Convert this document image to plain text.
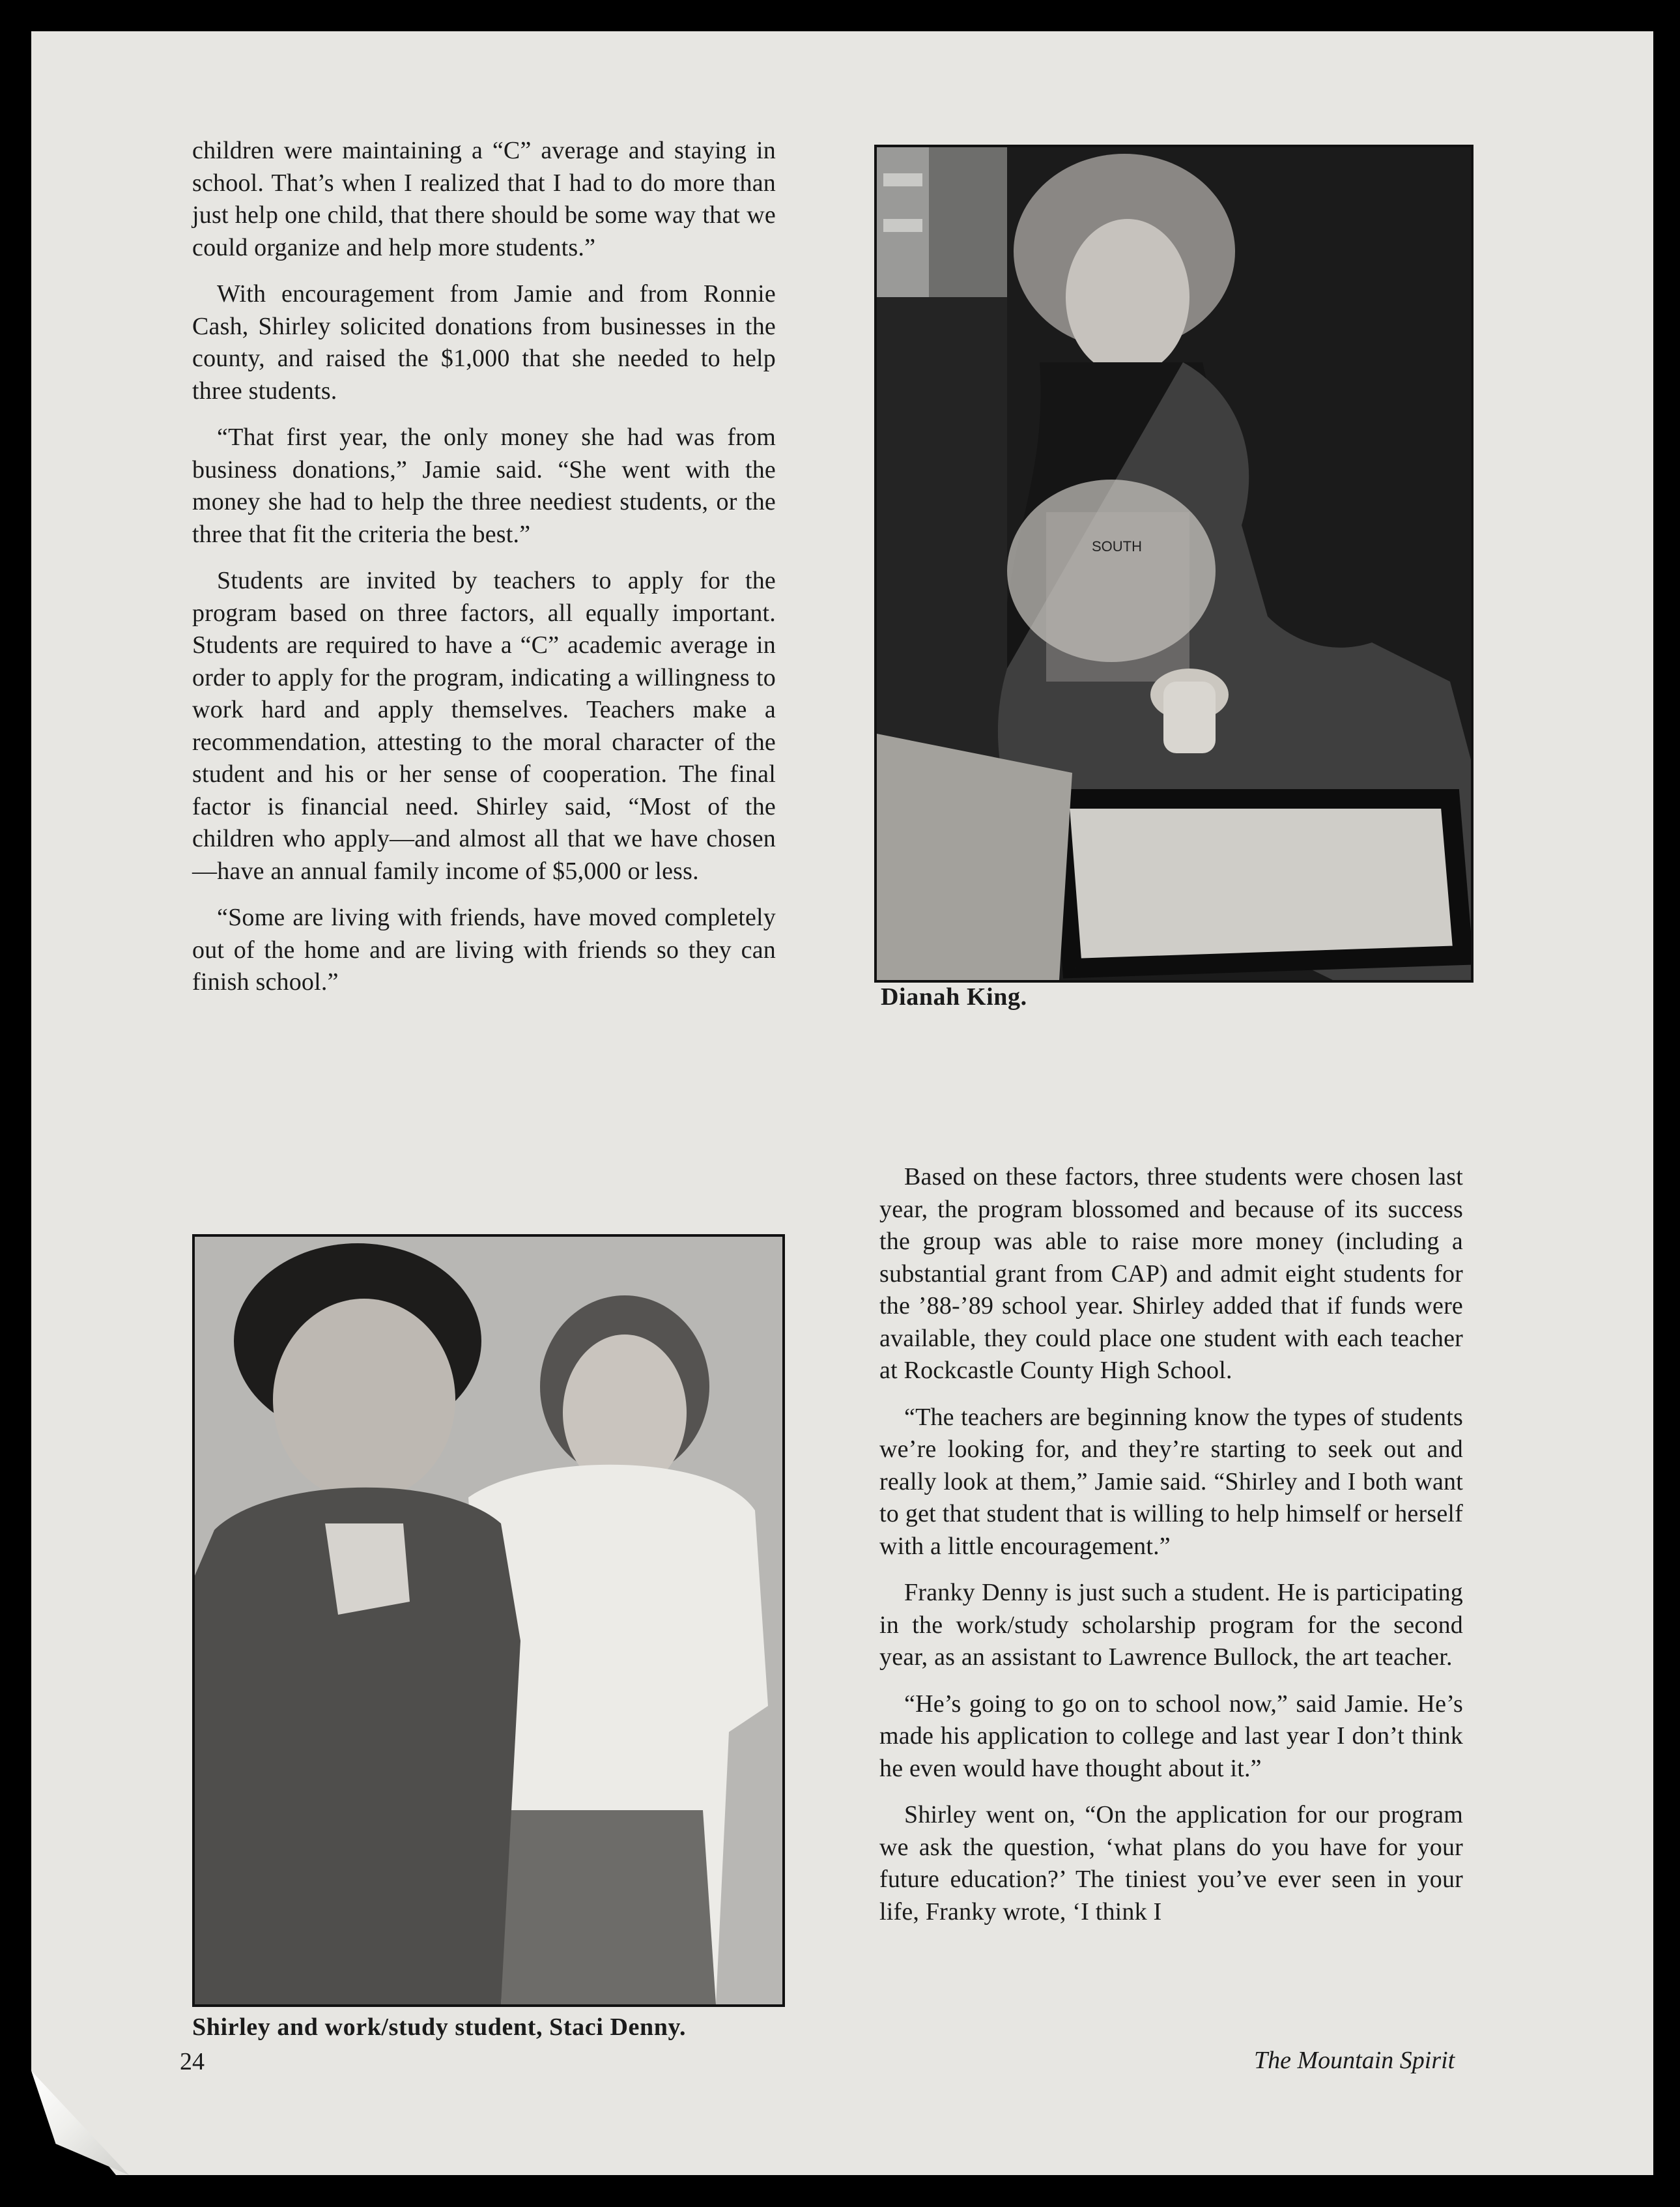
children were maintaining a “C” average and staying in school. That’s when I realized that I had to do more than just help one child, that there should be some way that we could organize and help more students.”

With encouragement from Jamie and from Ronnie Cash, Shirley solicited donations from businesses in the county, and raised the $1,000 that she needed to help three students.

“That first year, the only money she had was from business donations,” Jamie said. “She went with the money she had to help the three neediest students, or the three that fit the criteria the best.”

Students are invited by teachers to apply for the program based on three factors, all equally important. Students are required to have a “C” academic average in order to apply for the program, indicating a willingness to work hard and apply themselves. Teachers make a recommendation, attesting to the moral character of the student and his or her sense of cooperation. The final factor is financial need. Shirley said, “Most of the children who apply—and almost all that we have chosen—have an annual family income of $5,000 or less.

“Some are living with friends, have moved completely out of the home and are living with friends so they can finish school.”

SOUTH
Dianah King.
Shirley and work/study student, Staci Denny.

Based on these factors, three students were chosen last year, the program blossomed and because of its success the group was able to raise more money (including a substantial grant from CAP) and admit eight students for the ’88-’89 school year. Shirley added that if funds were available, they could place one student with each teacher at Rockcastle County High School.

“The teachers are beginning know the types of students we’re looking for, and they’re starting to seek out and really look at them,” Jamie said. “Shirley and I both want to get that student that is willing to help himself or herself with a little encouragement.”

Franky Denny is just such a student. He is participating in the work/study scholarship program for the second year, as an assistant to Lawrence Bullock, the art teacher.

“He’s going to go on to school now,” said Jamie. He’s made his application to college and last year I don’t think he even would have thought about it.”

Shirley went on, “On the application for our program we ask the question, ‘what plans do you have for your future education?’ The tiniest you’ve ever seen in your life, Franky wrote, ‘I think I

24	The Mountain Spirit
